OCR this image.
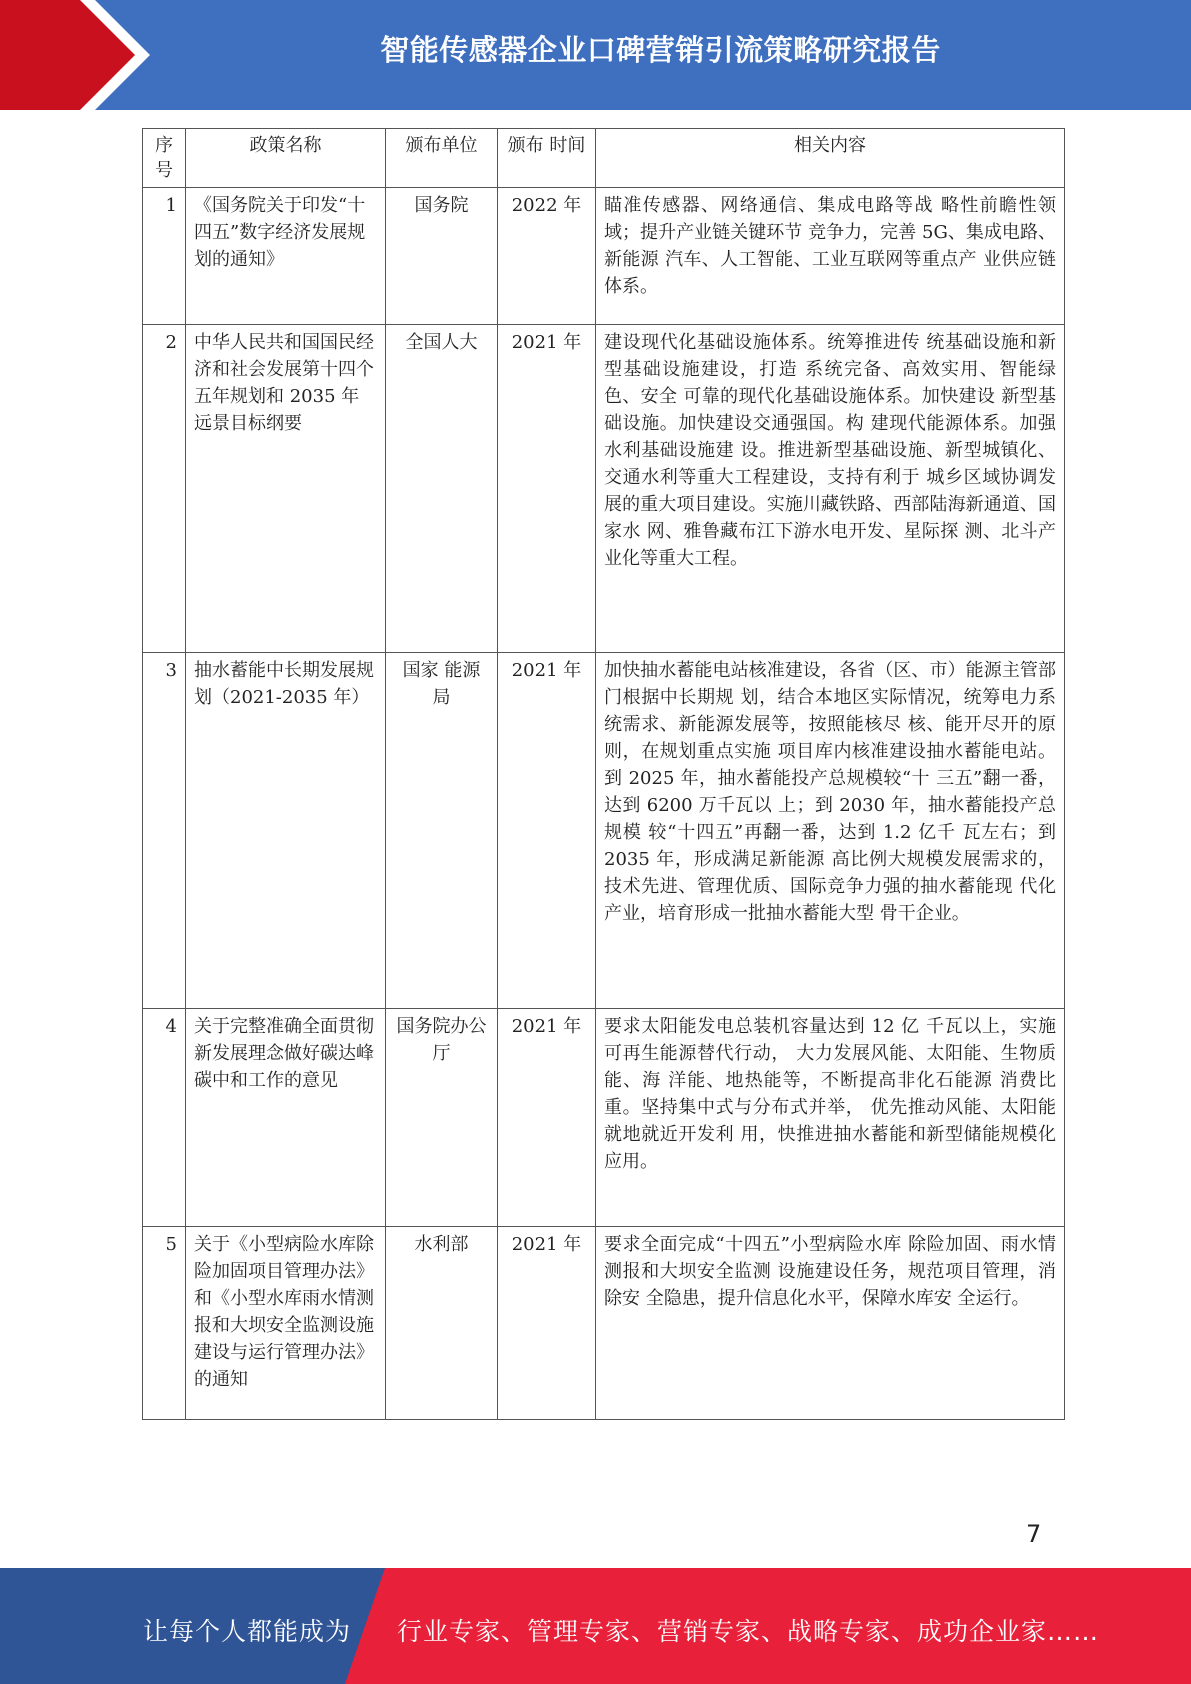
智能传感器企业口碑营销引流策略研究报告
序号	政策名称	颁布单位	颁布 时间	相关内容
1	《国务院关于印发“十四五”数字经济发展规划的通知》	国务院	2022 年	瞄准传感器、网络通信、集成电路等战 略性前瞻性领域；提升产业链关键环节 竞争力，完善 5G、集成电路、新能源 汽车、人工智能、工业互联网等重点产 业供应链体系。
2	中华人民共和国国民经济和社会发展第十四个五年规划和 2035 年远景目标纲要	全国人大	2021 年	建设现代化基础设施体系。统筹推进传 统基础设施和新型基础设施建设，打造 系统完备、高效实用、智能绿色、安全 可靠的现代化基础设施体系。加快建设 新型基础设施。加快建设交通强国。构 建现代能源体系。加强水利基础设施建 设。推进新型基础设施、新型城镇化、 交通水利等重大工程建设，支持有利于 城乡区域协调发展的重大项目建设。实施川藏铁路、西部陆海新通道、国家水 网、雅鲁藏布江下游水电开发、星际探 测、北斗产业化等重大工程。
3	抽水蓄能中长期发展规划（2021-2035 年）	国家 能源局	2021 年	加快抽水蓄能电站核准建设，各省（区、市）能源主管部门根据中长期规 划，结合本地区实际情况，统筹电力系 统需求、新能源发展等，按照能核尽 核、能开尽开的原则，在规划重点实施 项目库内核准建设抽水蓄能电站。到 2025 年，抽水蓄能投产总规模较“十 三五”翻一番，达到 6200 万千瓦以 上；到 2030 年，抽水蓄能投产总规模 较“十四五”再翻一番，达到 1.2 亿千 瓦左右；到 2035 年，形成满足新能源 高比例大规模发展需求的，技术先进、管理优质、国际竞争力强的抽水蓄能现 代化产业，培育形成一批抽水蓄能大型 骨干企业。
4	关于完整准确全面贯彻新发展理念做好碳达峰碳中和工作的意见	国务院办公厅	2021 年	要求太阳能发电总装机容量达到 12 亿 千瓦以上，实施可再生能源替代行动， 大力发展风能、太阳能、生物质能、海 洋能、地热能等，不断提高非化石能源 消费比重。坚持集中式与分布式并举， 优先推动风能、太阳能就地就近开发利 用，快推进抽水蓄能和新型储能规模化 应用。
5	关于《小型病险水库除险加固项目管理办法》和《小型水库雨水情测报和大坝安全监测设施建设与运行管理办法》的通知	水利部	2021 年	要求全面完成“十四五”小型病险水库 除险加固、雨水情测报和大坝安全监测 设施建设任务，规范项目管理，消除安 全隐患，提升信息化水平，保障水库安 全运行。
7
让每个人都能成为 行业专家、管理专家、营销专家、战略专家、成功企业家……
